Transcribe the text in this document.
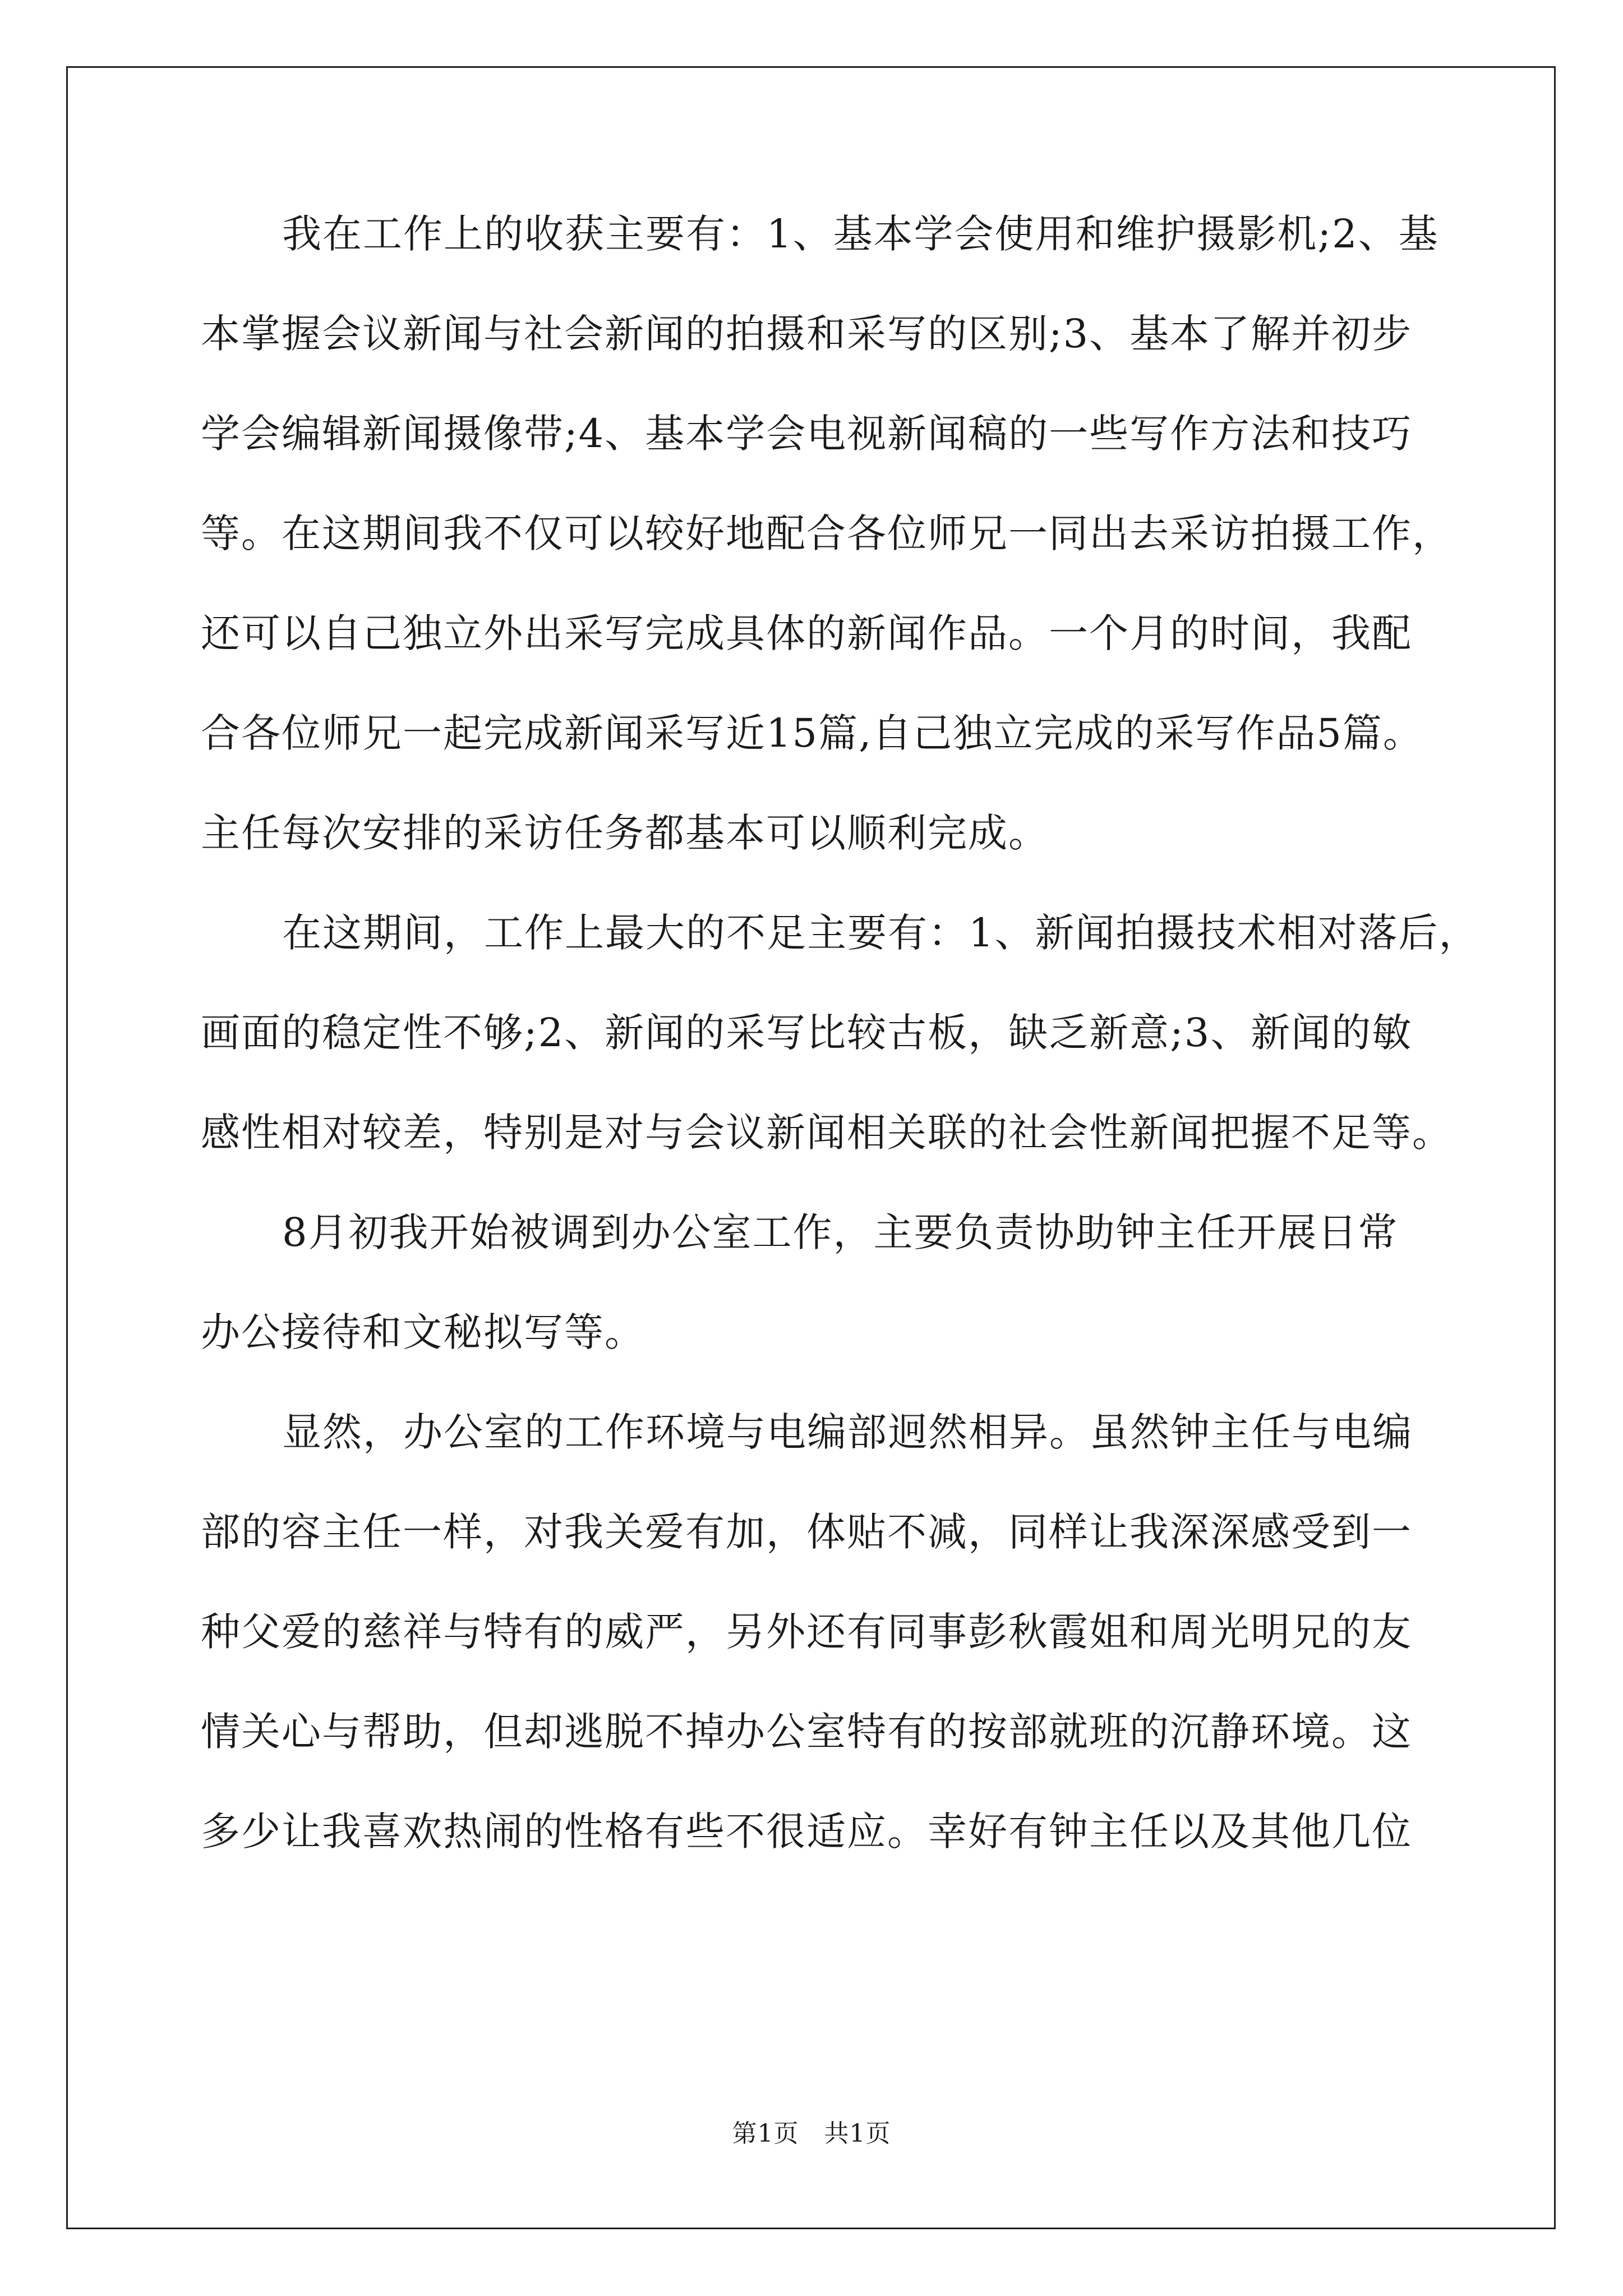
我在工作上的收获主要有：1、基本学会使用和维护摄影机;2、基
本掌握会议新闻与社会新闻的拍摄和采写的区别;3、基本了解并初步
学会编辑新闻摄像带;4、基本学会电视新闻稿的一些写作方法和技巧
等。在这期间我不仅可以较好地配合各位师兄一同出去采访拍摄工作，
还可以自己独立外出采写完成具体的新闻作品。一个月的时间，我配
合各位师兄一起完成新闻采写近15篇,自己独立完成的采写作品5篇。
主任每次安排的采访任务都基本可以顺利完成。
在这期间，工作上最大的不足主要有：1、新闻拍摄技术相对落后，
画面的稳定性不够;2、新闻的采写比较古板，缺乏新意;3、新闻的敏
感性相对较差，特别是对与会议新闻相关联的社会性新闻把握不足等。
8月初我开始被调到办公室工作，主要负责协助钟主任开展日常
办公接待和文秘拟写等。
显然，办公室的工作环境与电编部迥然相异。虽然钟主任与电编
部的容主任一样，对我关爱有加，体贴不减，同样让我深深感受到一
种父爱的慈祥与特有的威严，另外还有同事彭秋霞姐和周光明兄的友
情关心与帮助，但却逃脱不掉办公室特有的按部就班的沉静环境。这
多少让我喜欢热闹的性格有些不很适应。幸好有钟主任以及其他几位
第1页　共1页
